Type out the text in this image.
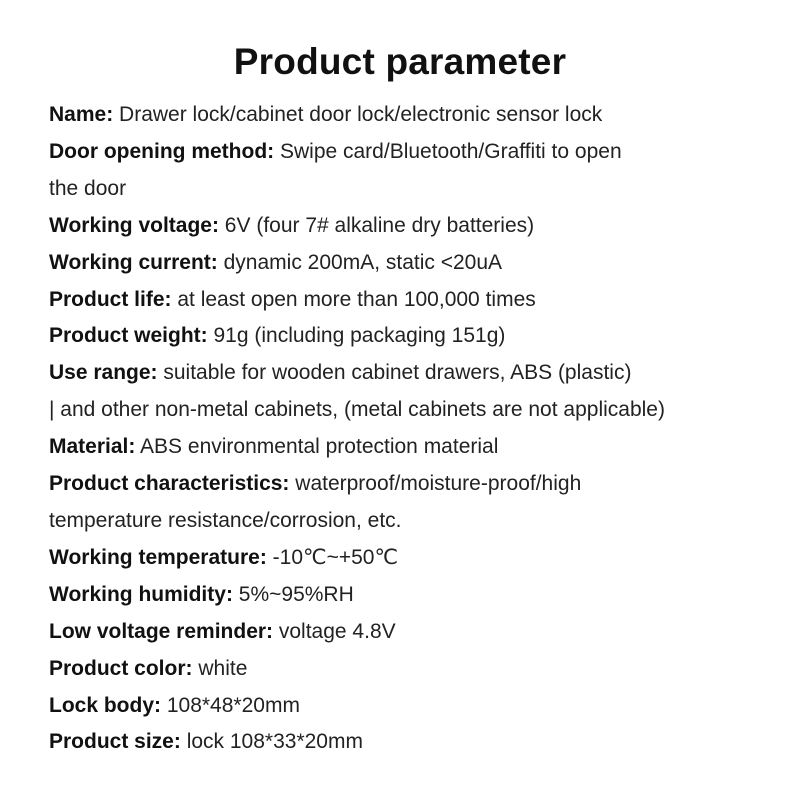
Product parameter
Name: Drawer lock/cabinet door lock/electronic sensor lock
Door opening method: Swipe card/Bluetooth/Graffiti to open
the door
Working voltage: 6V (four 7# alkaline dry batteries)
Working current: dynamic 200mA, static <20uA
Product life: at least open more than 100,000 times
Product weight: 91g (including packaging 151g)
Use range: suitable for wooden cabinet drawers, ABS (plastic)
| and other non-metal cabinets, (metal cabinets are not applicable)
Material: ABS environmental protection material
Product characteristics: waterproof/moisture-proof/high
temperature resistance/corrosion, etc.
Working temperature: -10℃~+50℃
Working humidity: 5%~95%RH
Low voltage reminder: voltage 4.8V
Product color: white
Lock body: 108*48*20mm
Product size: lock 108*33*20mm
